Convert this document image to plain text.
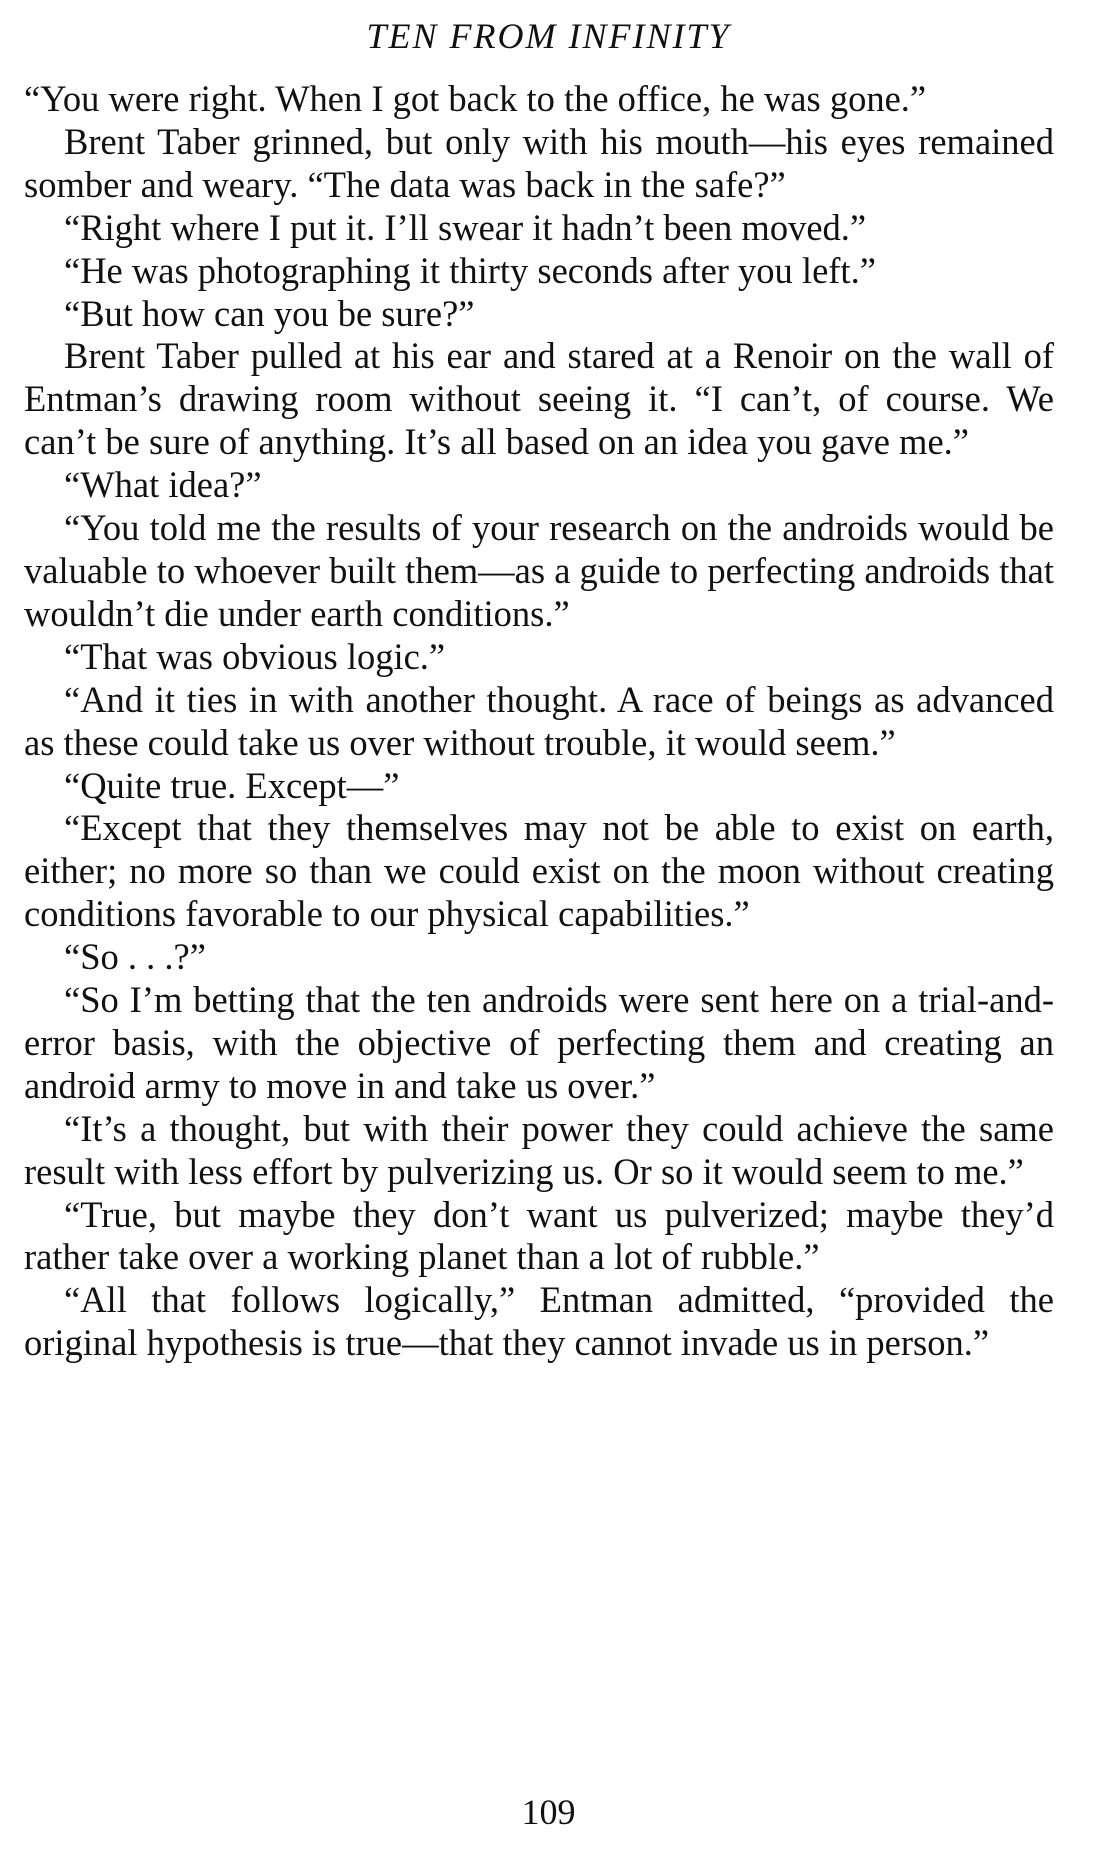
TEN FROM INFINITY

“You were right. When I got back to the office, he was gone.”

Brent Taber grinned, but only with his mouth—his eyes remained somber and weary. “The data was back in the safe?”

“Right where I put it. I’ll swear it hadn’t been moved.”

“He was photographing it thirty seconds after you left.”

“But how can you be sure?”

Brent Taber pulled at his ear and stared at a Renoir on the wall of Entman’s drawing room without seeing it. “I can’t, of course. We can’t be sure of anything. It’s all based on an idea you gave me.”

“What idea?”

“You told me the results of your research on the androids would be valuable to whoever built them—as a guide to perfecting androids that wouldn’t die under earth conditions.”

“That was obvious logic.”

“And it ties in with another thought. A race of beings as advanced as these could take us over without trouble, it would seem.”

“Quite true. Except—”

“Except that they themselves may not be able to exist on earth, either; no more so than we could exist on the moon without creating conditions favorable to our physical capabilities.”

“So . . .?”

“So I’m betting that the ten androids were sent here on a trial-and-error basis, with the objective of perfecting them and creating an android army to move in and take us over.”

“It’s a thought, but with their power they could achieve the same result with less effort by pulverizing us. Or so it would seem to me.”

“True, but maybe they don’t want us pulverized; maybe they’d rather take over a working planet than a lot of rubble.”

“All that follows logically,” Entman admitted, “provided the original hypothesis is true—that they cannot invade us in person.”

109
